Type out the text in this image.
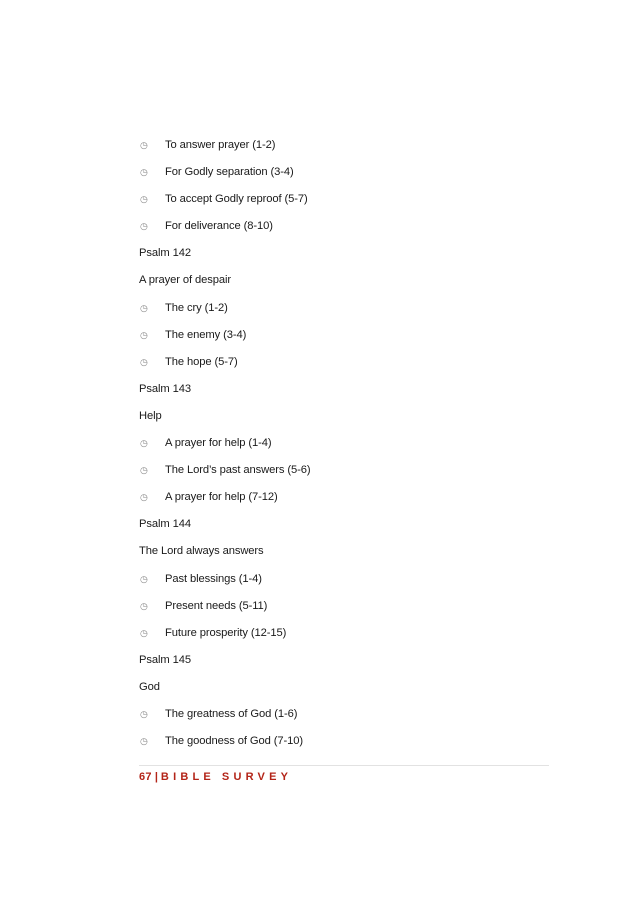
◷	To answer prayer (1-2)
◷	For Godly separation (3-4)
◷	To accept Godly reproof (5-7)
◷	For deliverance (8-10)
Psalm 142
A prayer of despair
◷	The cry (1-2)
◷	The enemy (3-4)
◷	The hope (5-7)
Psalm 143
Help
◷	A prayer for help (1-4)
◷	The Lord’s past answers (5-6)
◷	A prayer for help (7-12)
Psalm 144
The Lord always answers
◷	Past blessings (1-4)
◷	Present needs (5-11)
◷	Future prosperity (12-15)
Psalm 145
God
◷	The greatness of God (1-6)
◷	The goodness of God (7-10)
67 | BIBLE SURVEY
